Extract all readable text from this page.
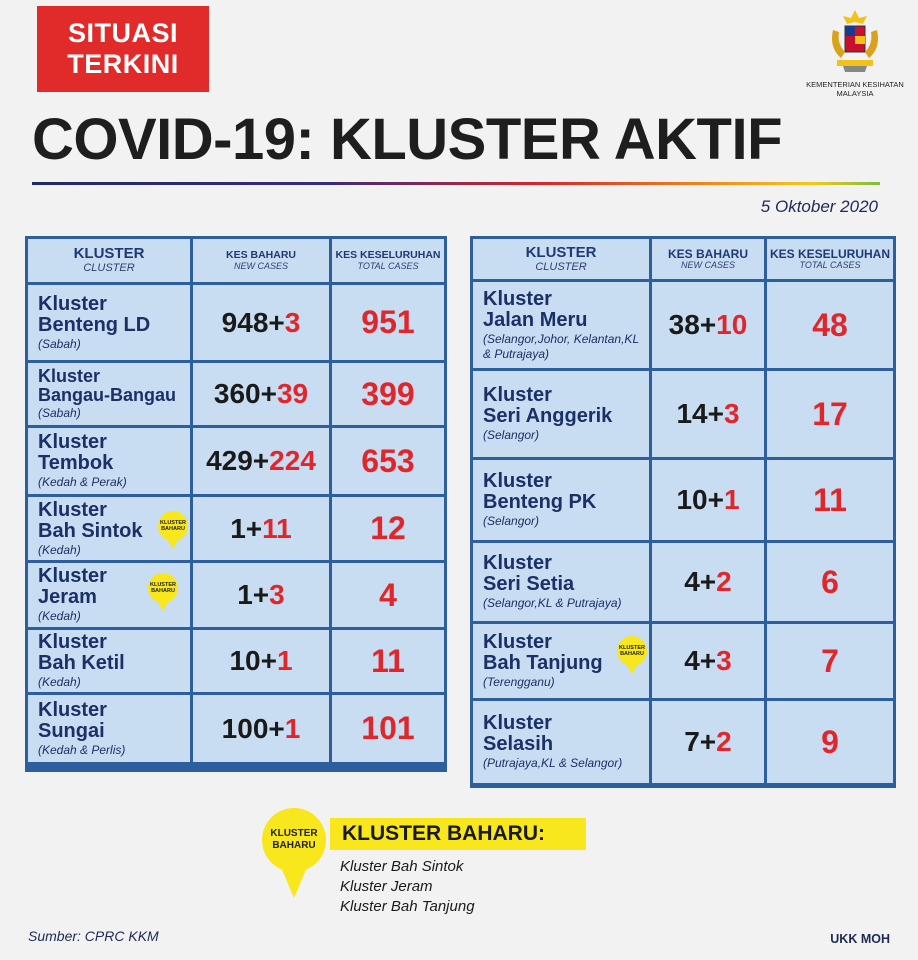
SITUASI
TERKINI
KEMENTERIAN KESIHATAN
MALAYSIA
COVID-19: KLUSTER AKTIF
5 Oktober 2020
KLUSTER
CLUSTER
KES BAHARU
NEW CASES
KES KESELURUHAN
TOTAL CASES
Kluster
Benteng LD
(Sabah)
948+3 951
Kluster
Bangau-Bangau
(Sabah)
360+39 399
Kluster
Tembok
(Kedah & Perak)
429+224 653
Kluster
Bah Sintok
(Kedah)
KLUSTER BAHARU 1+11 12
Kluster
Jeram
(Kedah)
KLUSTER BAHARU 1+3	4
Kluster
Bah Ketil
(Kedah)
10+1 11
Kluster
Sungai
(Kedah & Perlis)
100+1 101
KLUSTER
CLUSTER
KES BAHARU
NEW CASES
KES KESELURUHAN
TOTAL CASES
Kluster
Jalan Meru
(Selangor,Johor, Kelantan,KL & Putrajaya)
38+10 48
Kluster
Seri Anggerik
(Selangor)
14+3 17
Kluster
Benteng PK
(Selangor)
10+1 11
Kluster
Seri Setia
(Selangor,KL & Putrajaya)
4+2	6
Kluster
Bah Tanjung
(Terengganu)
KLUSTER BAHARU 4+3	7
Kluster
Selasih
(Putrajaya,KL & Selangor)
7+2	9
KLUSTER BAHARU
KLUSTER BAHARU:
Kluster Bah Sintok
Kluster Jeram
Kluster Bah Tanjung
Sumber: CPRC KKM	UKK MOH
